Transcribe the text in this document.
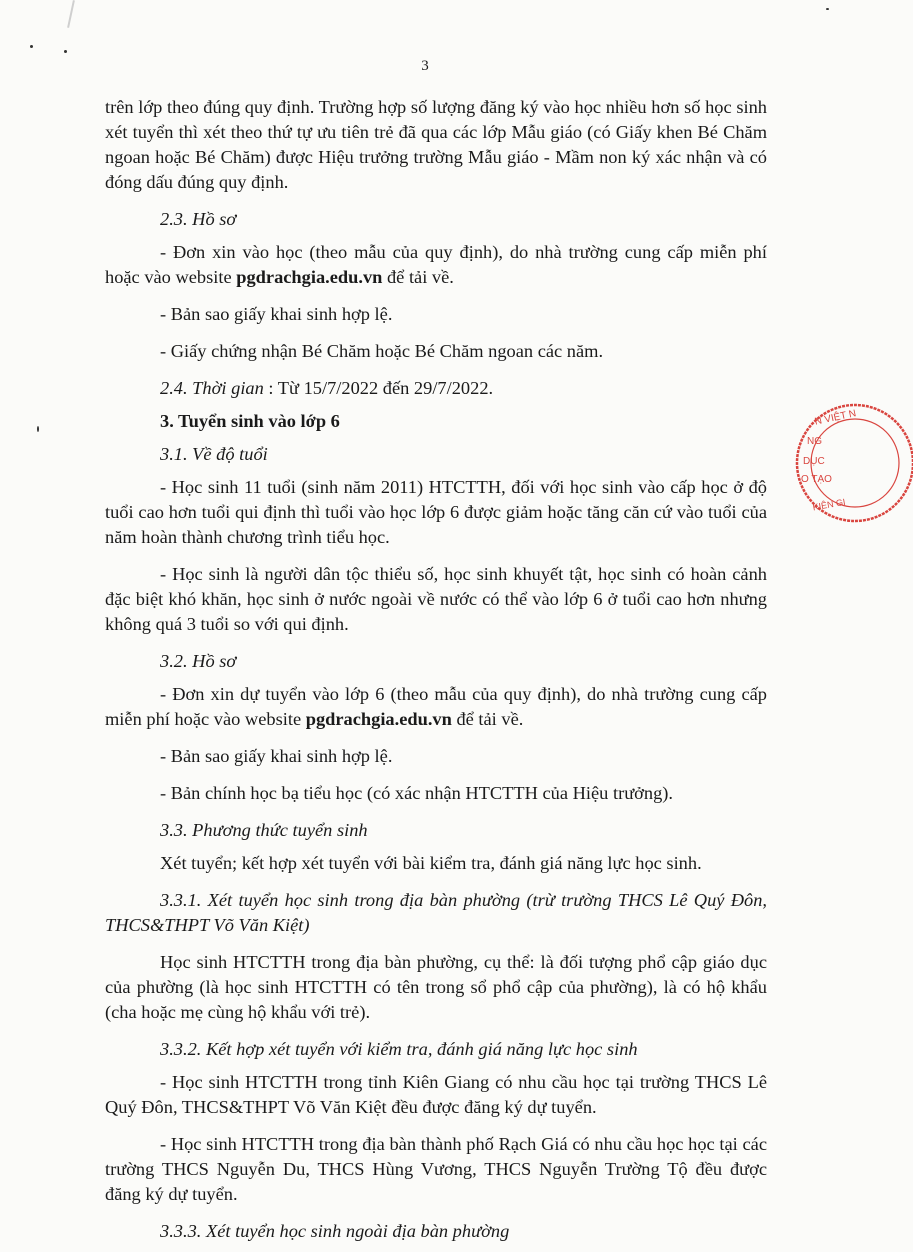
3

trên lớp theo đúng quy định. Trường hợp số lượng đăng ký vào học nhiều hơn số học sinh xét tuyển thì xét theo thứ tự ưu tiên trẻ đã qua các lớp Mẫu giáo (có Giấy khen Bé Chăm ngoan hoặc Bé Chăm) được Hiệu trưởng trường Mẫu giáo - Mầm non ký xác nhận và có đóng dấu đúng quy định.

2.3. Hồ sơ

- Đơn xin vào học (theo mẫu của quy định), do nhà trường cung cấp miễn phí hoặc vào website pgdrachgia.edu.vn để tải về.

- Bản sao giấy khai sinh hợp lệ.

- Giấy chứng nhận Bé Chăm hoặc Bé Chăm ngoan các năm.

2.4. Thời gian : Từ 15/7/2022 đến 29/7/2022.

3. Tuyển sinh vào lớp 6

3.1. Về độ tuổi

- Học sinh 11 tuổi (sinh năm 2011) HTCTTH, đối với học sinh vào cấp học ở độ tuổi cao hơn tuổi qui định thì tuổi vào học lớp 6 được giảm hoặc tăng căn cứ vào tuổi của năm hoàn thành chương trình tiểu học.

- Học sinh là người dân tộc thiểu số, học sinh khuyết tật, học sinh có hoàn cảnh đặc biệt khó khăn, học sinh ở nước ngoài về nước có thể vào lớp 6 ở tuổi cao hơn nhưng không quá 3 tuổi so với qui định.

3.2. Hồ sơ

- Đơn xin dự tuyển vào lớp 6 (theo mẫu của quy định), do nhà trường cung cấp miễn phí hoặc vào website pgdrachgia.edu.vn để tải về.

- Bản sao giấy khai sinh hợp lệ.

- Bản chính học bạ tiểu học (có xác nhận HTCTTH của Hiệu trưởng).

3.3. Phương thức tuyển sinh

Xét tuyển; kết hợp xét tuyển với bài kiểm tra, đánh giá năng lực học sinh.

3.3.1. Xét tuyển học sinh trong địa bàn phường (trừ trường THCS Lê Quý Đôn, THCS&THPT Võ Văn Kiệt)

Học sinh HTCTTH trong địa bàn phường, cụ thể: là đối tượng phổ cập giáo dục của phường (là học sinh HTCTTH có tên trong sổ phổ cập của phường), là có hộ khẩu (cha hoặc mẹ cùng hộ khẩu với trẻ).

3.3.2. Kết hợp xét tuyển với kiểm tra, đánh giá năng lực học sinh

- Học sinh HTCTTH trong tỉnh Kiên Giang có nhu cầu học tại trường THCS Lê Quý Đôn, THCS&THPT Võ Văn Kiệt đều được đăng ký dự tuyển.

- Học sinh HTCTTH trong địa bàn thành phố Rạch Giá có nhu cầu học học tại các trường THCS Nguyễn Du, THCS Hùng Vương, THCS Nguyễn Trường Tộ đều được đăng ký dự tuyển.

3.3.3. Xét tuyển học sinh ngoài địa bàn phường

N VIỆT N
NG
DỤC
O TẠO
KIÊN GI
